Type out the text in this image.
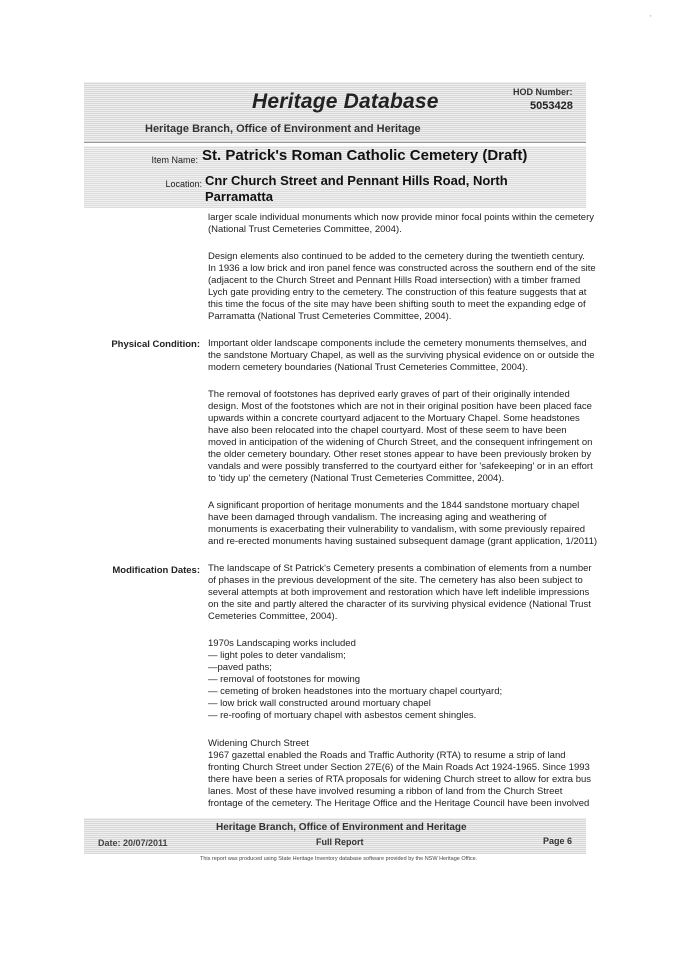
'
Heritage Database	HOD Number:
5053428
Heritage Branch, Office of Environment and Heritage
Item Name: St. Patrick's Roman Catholic Cemetery (Draft)
Location: Cnr Church Street and Pennant Hills Road, North
Parramatta
larger scale individual monuments which now provide minor focal points within the cemetery
(National Trust Cemeteries Committee, 2004).
Design elements also continued to be added to the cemetery during the twentieth century.
In 1936 a low brick and iron panel fence was constructed across the southern end of the site
(adjacent to the Church Street and Pennant Hills Road intersection) with a timber framed
Lych gate providing entry to the cemetery. The construction of this feature suggests that at
this time the focus of the site may have been shifting south to meet the expanding edge of
Parramatta (National Trust Cemeteries Committee, 2004).
Physical Condition: Important older landscape components include the cemetery monuments themselves, and
the sandstone Mortuary Chapel, as well as the surviving physical evidence on or outside the
modern cemetery boundaries (National Trust Cemeteries Committee, 2004).
The removal of footstones has deprived early graves of part of their originally intended
design. Most of the footstones which are not in their original position have been placed face
upwards within a concrete courtyard adjacent to the Mortuary Chapel. Some headstones
have also been relocated into the chapel courtyard. Most of these seem to have been
moved in anticipation of the widening of Church Street, and the consequent infringement on
the older cemetery boundary. Other reset stones appear to have been previously broken by
vandals and were possibly transferred to the courtyard either for 'safekeeping' or in an effort
to 'tidy up' the cemetery (National Trust Cemeteries Committee, 2004).
A significant proportion of heritage monuments and the 1844 sandstone mortuary chapel
have been damaged through vandalism. The increasing aging and weathering of
monuments is exacerbating their vulnerability to vandalism, with some previously repaired
and re-erected monuments having sustained subsequent damage (grant application, 1/2011)
Modification Dates: The landscape of St Patrick's Cemetery presents a combination of elements from a number
of phases in the previous development of the site. The cemetery has also been subject to
several attempts at both improvement and restoration which have left indelible impressions
on the site and partly altered the character of its surviving physical evidence (National Trust
Cemeteries Committee, 2004).
1970s Landscaping works included
— light poles to deter vandalism;
—paved paths;
— removal of footstones for mowing
— cemeting of broken headstones into the mortuary chapel courtyard;
— low brick wall constructed around mortuary chapel
— re-roofing of mortuary chapel with asbestos cement shingles.
Widening Church Street
1967 gazettal enabled the Roads and Traffic Authority (RTA) to resume a strip of land
fronting Church Street under Section 27E(6) of the Main Roads Act 1924-1965. Since 1993
there have been a series of RTA proposals for widening Church street to allow for extra bus
lanes. Most of these have involved resuming a ribbon of land from the Church Street
frontage of the cemetery. The Heritage Office and the Heritage Council have been involved
Heritage Branch, Office of Environment and Heritage
Full Report
Date: 20/07/2011	Page 6
This report was produced using State Heritage Inventory database software provided by the NSW Heritage Office.
